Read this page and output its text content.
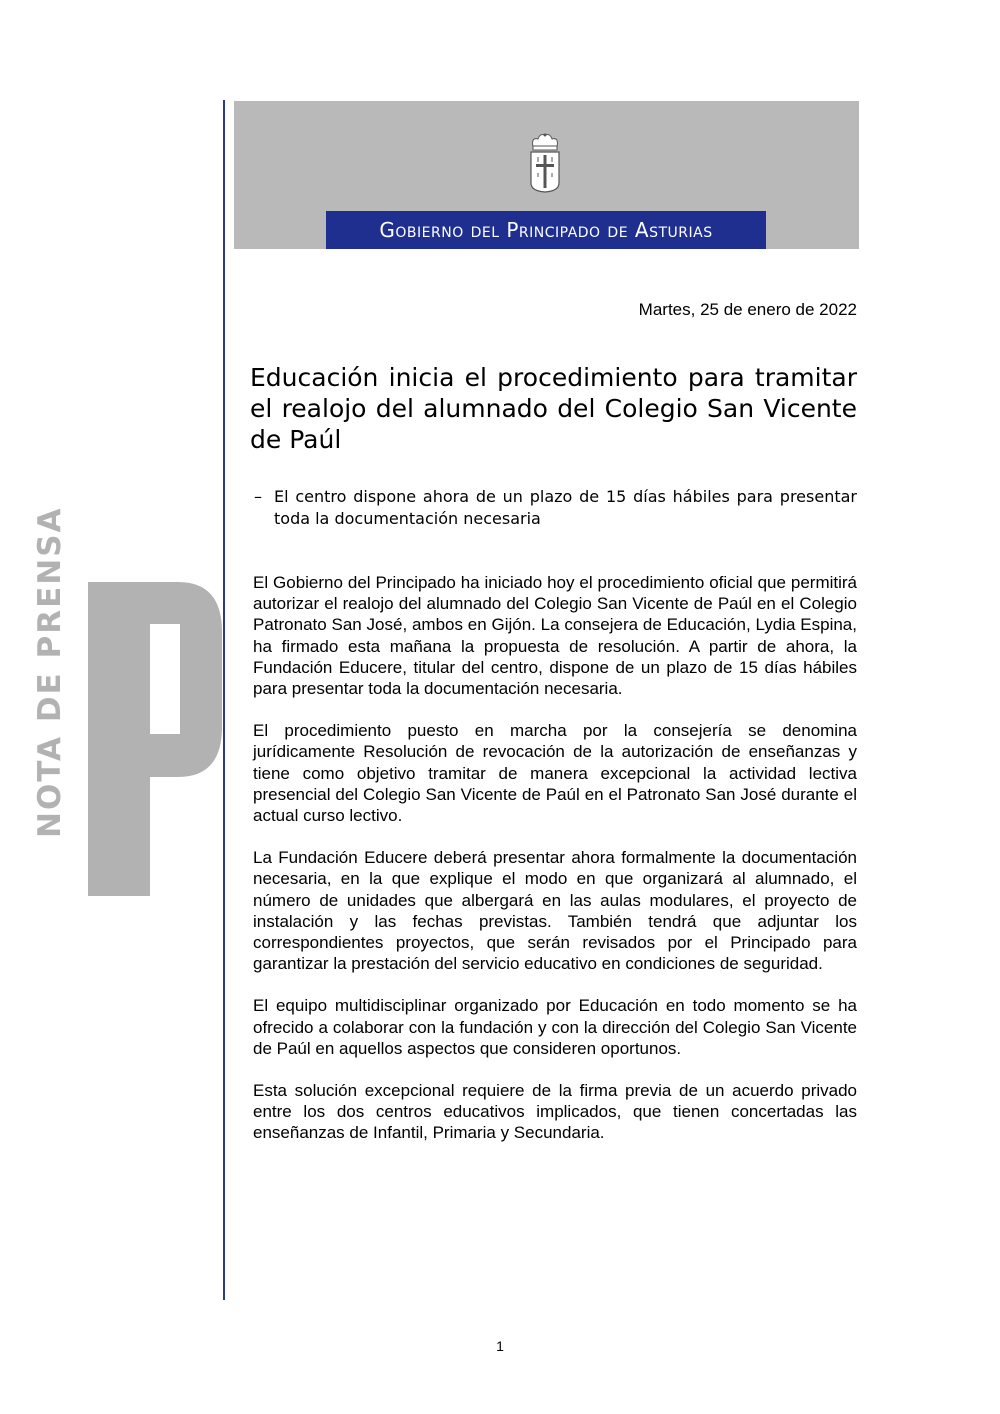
Gobierno del Principado de Asturias
Martes, 25 de enero de 2022
Educación inicia el procedimiento para tramitar el realojo del alumnado del Colegio San Vicente de Paúl
– El centro dispone ahora de un plazo de 15 días hábiles para presentar toda la documentación necesaria
NOTA DE PRENSA	El Gobierno del Principado ha iniciado hoy el procedimiento oficial que permitirá autorizar el realojo del alumnado del Colegio San Vicente de Paúl en el Colegio Patronato San José, ambos en Gijón. La consejera de Educación, Lydia Espina, ha firmado esta mañana la propuesta de resolución. A partir de ahora, la Fundación Educere, titular del centro, dispone de un plazo de 15 días hábiles para presentar toda la documentación necesaria.

El procedimiento puesto en marcha por la consejería se denomina jurídicamente Resolución de revocación de la autorización de enseñanzas y tiene como objetivo tramitar de manera excepcional la actividad lectiva presencial del Colegio San Vicente de Paúl en el Patronato San José durante el actual curso lectivo.

La Fundación Educere deberá presentar ahora formalmente la documentación necesaria, en la que explique el modo en que organizará al alumnado, el número de unidades que albergará en las aulas modulares, el proyecto de instalación y las fechas previstas. También tendrá que adjuntar los correspondientes proyectos, que serán revisados por el Principado para garantizar la prestación del servicio educativo en condiciones de seguridad.

El equipo multidisciplinar organizado por Educación en todo momento se ha ofrecido a colaborar con la fundación y con la dirección del Colegio San Vicente de Paúl en aquellos aspectos que consideren oportunos.

Esta solución excepcional requiere de la firma previa de un acuerdo privado entre los dos centros educativos implicados, que tienen concertadas las enseñanzas de Infantil, Primaria y Secundaria.

1
